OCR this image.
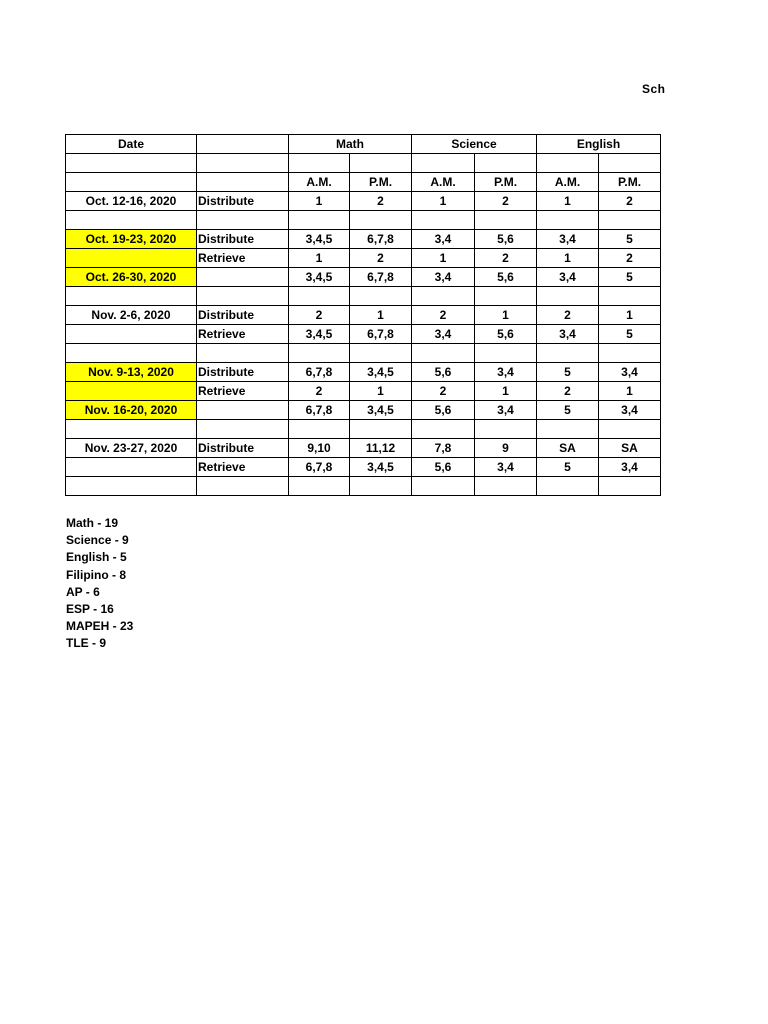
Sch
Date		Math		Science		English	

		A.M.	P.M.	A.M.	P.M.	A.M.	P.M.
Oct. 12-16, 2020	Distribute	1	2	1	2	1	2

Oct. 19-23, 2020	Distribute	3,4,5	6,7,8	3,4	5,6	3,4	5
	Retrieve	1	2	1	2	1	2
Oct. 26-30, 2020		3,4,5	6,7,8	3,4	5,6	3,4	5

Nov. 2-6, 2020	Distribute	2	1	2	1	2	1
	Retrieve	3,4,5	6,7,8	3,4	5,6	3,4	5

Nov. 9-13, 2020	Distribute	6,7,8	3,4,5	5,6	3,4	5	3,4
	Retrieve	2	1	2	1	2	1
Nov. 16-20, 2020		6,7,8	3,4,5	5,6	3,4	5	3,4

Nov. 23-27, 2020	Distribute	9,10	11,12	7,8	9	SA	SA
	Retrieve	6,7,8	3,4,5	5,6	3,4	5	3,4

Math - 19
Science - 9
English - 5
Filipino - 8
AP - 6
ESP - 16
MAPEH - 23
TLE - 9
